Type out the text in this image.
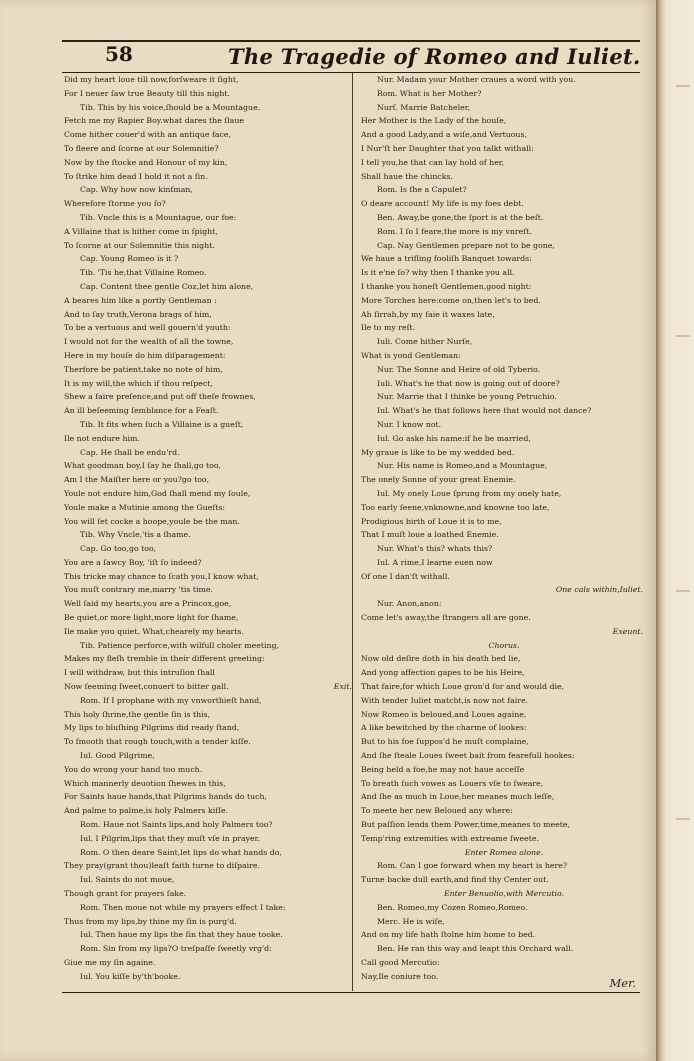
58	The Tragedie of Romeo and Iuliet.
Did my heart loue till now,forſweare it ſight,
For I neuer ſaw true Beauty till this night.
Tib. This by his voice,ſhould be a Mountague.
Fetch me my Rapier Boy.what dares the ſlaue
Come hither couer'd with an antique face,
To fleere and ſcorne at our Solemnitie?
Now by the ſtocke and Honour of my kin,
To ſtrike him dead I hold it not a ſin.
Cap. Why how now kinſman,
Wherefore ſtorme you ſo?
Tib. Vncle this is a Mountague, our foe:
A Villaine that is hither come in ſpight,
To ſcorne at our Solemnitie this night.
Cap. Young Romeo is it ?
Tib. 'Tis he,that Villaine Romeo.
Cap. Content thee gentle Coz,let him alone,
A beares him like a portly Gentleman :
And to ſay truth,Verona brags of him,
To be a vertuous and well gouern'd youth:
I would not for the wealth of all the towne,
Here in my houſe do him diſparagement:
Therfore be patient,take no note of him,
It is my will,the which if thou reſpect,
Shew a faire preſence,and put off theſe frownes,
An ill beſeeming ſemblance for a Feaſt.
Tib. It fits when ſuch a Villaine is a gueſt,
Ile not endure him.
Cap. He ſhall be endu'rd.
What goodman boy,I ſay he ſhall,go too,
Am I the Maiſter here or you?go too,
Youle not endure him,God ſhall mend my ſoule,
Youle make a Mutinie among the Gueſts:
You will ſet cocke a hoope,youle be the man.
Tib. Why Vncle,'tis a ſhame.
Cap. Go too,go too,
You are a ſawcy Boy, 'iſt ſo indeed?
This tricke may chance to ſcath you,I know what,
You muſt contrary me,marry 'tis time.
Well ſaid my hearts,you are a Princox,goe,
Be quiet,or more light,more light for ſhame,
Ile make you quiet. What,chearely my hearts.
Tib. Patience perforce,with wilfull choler meeting,
Makes my fleſh tremble in their different greeting:
I will withdraw, but this intruſion ſhall
Now ſeeming ſweet,conuert to bitter gall.	Exit.
Rom. If I prophane with my vnworthieſt hand,
This holy ſhrine,the gentle ſin is this,
My lips to bluſhing Pilgrims did ready ſtand,
To ſmooth that rough touch,with a tender kiſſe.
Iul. Good Pilgrime,
You do wrong your hand too much.
Which mannerly deuotion ſhewes in this,
For Saints haue hands,that Pilgrims hands do tuch,
And palme to palme,is holy Palmers kiſſe.
Rom. Haue not Saints lips,and holy Palmers too?
Iul. I Pilgrim,lips that they muſt vſe in prayer.
Rom. O then deare Saint,let lips do what hands do,
They pray(grant thou)leaſt faith turne to diſpaire.
Iul. Saints do not moue,
Though grant for prayers ſake.
Rom. Then moue not while my prayers effect I take:
Thus from my lips,by thine my ſin is purg'd.
Iul. Then haue my lips the ſin that they haue tooke.
Rom. Sin from my lips?O treſpaſſe ſweetly vrg'd:
Giue me my ſin againe.
Iul. You kiſſe by'th'booke.
Nur. Madam your Mother craues a word with you.
Rom. What is her Mother?
Nurſ. Marrie Batcheler,
Her Mother is the Lady of the houſe,
And a good Lady,and a wiſe,and Vertuous,
I Nur'ſt her Daughter that you talkt withall:
I tell you,he that can lay hold of her,
Shall haue the chincks.
Rom. Is ſhe a Capulet?
O deare account! My life is my foes debt.
Ben. Away,be gone,the ſport is at the beſt.
Rom. I ſo I feare,the more is my vnreſt.
Cap. Nay Gentlemen prepare not to be gone,
We haue a trifling fooliſh Banquet towards:
Is it e'ne ſo? why then I thanke you all.
I thanke you honeſt Gentlemen,good night:
More Torches here:come on,then let's to bed.
Ah ſirrah,by my faie it waxes late,
Ile to my reſt.
Iuli. Come hither Nurſe,
What is yond Gentleman:
Nur. The Sonne and Heire of old Tyberio.
Iuli. What's he that now is going out of doore?
Nur. Marrie that I thinke be young Petruchio.
Iul. What's he that follows here that would not dance?
Nur. I know not.
Iul. Go aske his name:if he be married,
My graue is like to be my wedded bed.
Nur. His name is Romeo,and a Mountague,
The onely Sonne of your great Enemie.
Iul. My onely Loue ſprung from my onely hate,
Too early ſeene,vnknowne,and knowne too late,
Prodigious birth of Loue it is to me,
That I muſt loue a loathed Enemie.
Nur. What's this? whats this?
Iul. A rime,I learne euen now
Of one I dan'ſt withall.
One cals within,Iuliet.
Nur. Anon,anon:
Come let's away,the ſtrangers all are gone.
Exeunt.
Chorus.
Now old deſire doth in his death bed lie,
And yong affection gapes to be his Heire,
That faire,for which Loue gron'd for and would die,
With tender Iuliet matcht,is now not faire.
Now Romeo is beloued,and Loues againe,
A like bewitched by the charme of lookes:
But to his foe ſuppos'd he muſt complaine,
And ſhe ſteale Loues ſweet bait from fearefull hookes:
Being held a foe,he may not haue acceſſe
To breath ſuch vowes as Louers vſe to ſweare,
And ſhe as much in Loue,her meanes much leſſe,
To meete her new Beloued any where:
But paſſion lends them Power,time,meanes to meete,
Temp'ring extremities with extreame ſweete.
Enter Romeo alone.
Rom. Can I goe forward when my heart is here?
Turne backe dull earth,and find thy Center out.
Enter Benuolio,with Mercutio.
Ben. Romeo,my Cozen Romeo,Romeo.
Merc. He is wiſe,
And on my life hath ſtolne him home to bed.
Ben. He ran this way and leapt this Orchard wall.
Call good Mercutio:
Nay,Ile coniure too.	Mer.
